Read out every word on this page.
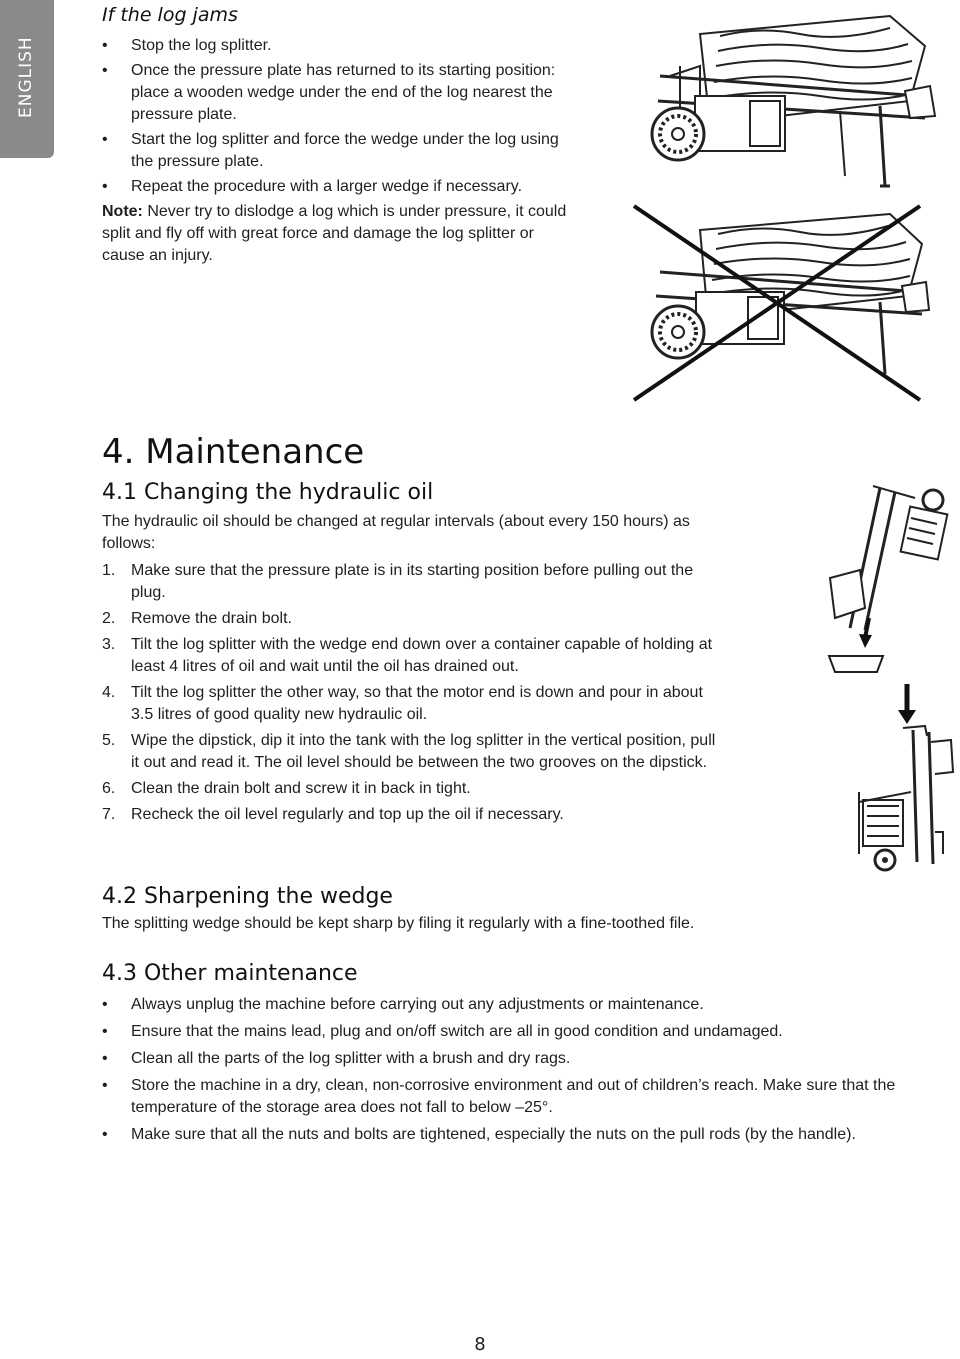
ENGLISH

If the log jams

• Stop the log splitter.
• Once the pressure plate has returned to its starting position: place a wooden wedge under the end of the log nearest the pressure plate.
• Start the log splitter and force the wedge under the log using the pressure plate.
• Repeat the procedure with a larger wedge if necessary.

Note: Never try to dislodge a log which is under pressure, it could split and fly off with great force and damage the log splitter or cause an injury.

4. Maintenance
4.1 Changing the hydraulic oil

The hydraulic oil should be changed at regular intervals (about every 150 hours) as follows:

1. Make sure that the pressure plate is in its starting position before pulling out the plug.
2. Remove the drain bolt.
3. Tilt the log splitter with the wedge end down over a container capable of holding at least 4 litres of oil and wait until the oil has drained out.
4. Tilt the log splitter the other way, so that the motor end is down and pour in about 3.5 litres of good quality new hydraulic oil.
5. Wipe the dipstick, dip it into the tank with the log splitter in the vertical position, pull it out and read it. The oil level should be between the two grooves on the dipstick.
6. Clean the drain bolt and screw it in back in tight.
7. Recheck the oil level regularly and top up the oil if necessary.
4.2 Sharpening the wedge

The splitting wedge should be kept sharp by filing it regularly with a fine-toothed file.

4.3 Other maintenance
• Always unplug the machine before carrying out any adjustments or maintenance.
• Ensure that the mains lead, plug and on/off switch are all in good condition and undamaged.
• Clean all the parts of the log splitter with a brush and dry rags.
• Store the machine in a dry, clean, non-corrosive environment and out of children’s reach. Make sure that the temperature of the storage area does not fall to below –25°.
• Make sure that all the nuts and bolts are tightened, especially the nuts on the pull rods (by the handle).
8
